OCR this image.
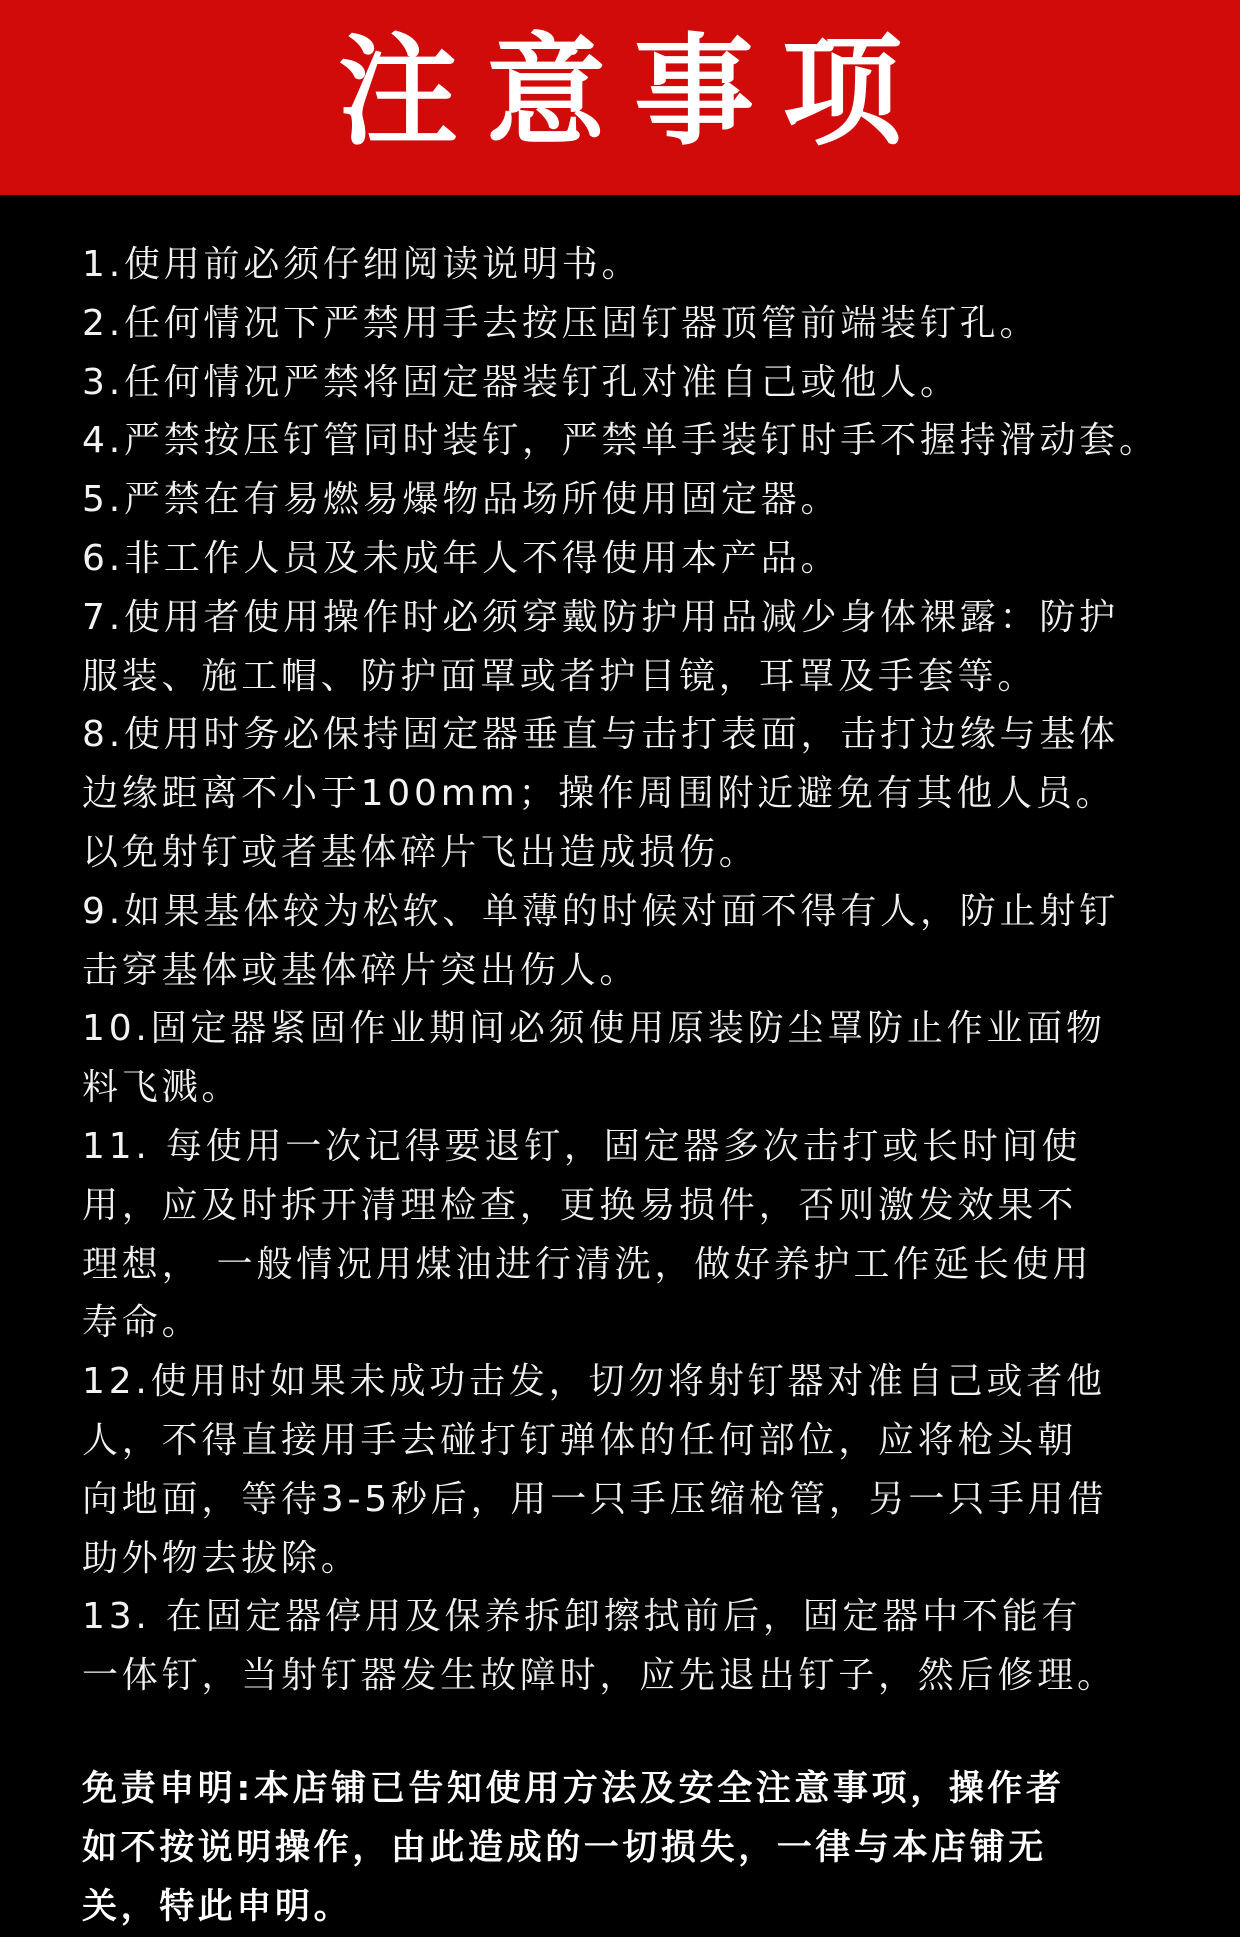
注意事项
1.使用前必须仔细阅读说明书。
2.任何情况下严禁用手去按压固钉器顶管前端装钉孔。
3.任何情况严禁将固定器装钉孔对准自己或他人。
4.严禁按压钉管同时装钉，严禁单手装钉时手不握持滑动套。
5.严禁在有易燃易爆物品场所使用固定器。
6.非工作人员及未成年人不得使用本产品。
7.使用者使用操作时必须穿戴防护用品减少身体裸露：防护
服装、施工帽、防护面罩或者护目镜，耳罩及手套等。
8.使用时务必保持固定器垂直与击打表面，击打边缘与基体
边缘距离不小于100mm；操作周围附近避免有其他人员。
以免射钉或者基体碎片飞出造成损伤。
9.如果基体较为松软、单薄的时候对面不得有人，防止射钉
击穿基体或基体碎片突出伤人。
10.固定器紧固作业期间必须使用原装防尘罩防止作业面物
料飞溅。
11. 每使用一次记得要退钉，固定器多次击打或长时间使
用，应及时拆开清理检查，更换易损件，否则激发效果不
理想， 一般情况用煤油进行清洗，做好养护工作延长使用
寿命。
12.使用时如果未成功击发，切勿将射钉器对准自己或者他
人，不得直接用手去碰打钉弹体的任何部位，应将枪头朝
向地面，等待3-5秒后，用一只手压缩枪管，另一只手用借
助外物去拔除。
13. 在固定器停用及保养拆卸擦拭前后，固定器中不能有
一体钉，当射钉器发生故障时，应先退出钉子，然后修理。
免责申明:本店铺已告知使用方法及安全注意事项，操作者
如不按说明操作，由此造成的一切损失，一律与本店铺无
关，特此申明。
